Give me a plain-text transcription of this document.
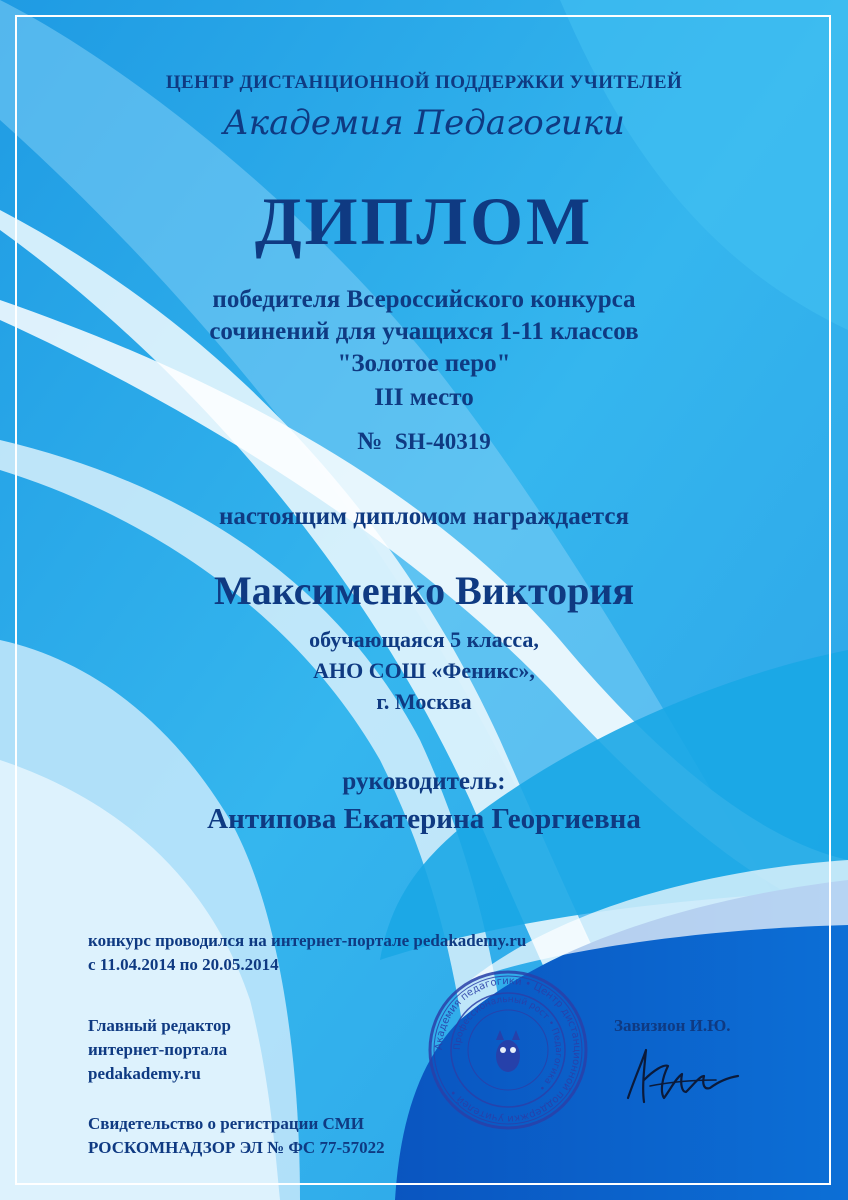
ЦЕНТР ДИСТАНЦИОННОЙ ПОДДЕРЖКИ УЧИТЕЛЕЙ

Академия Педагогики

ДИПЛОМ

победителя Всероссийского конкурса

сочинений для учащихся 1-11 классов

"Золотое перо"

III место

№ SH-40319

настоящим дипломом награждается

Максименко Виктория

обучающаяся 5 класса,

АНО СОШ «Феникс»,

г. Москва

руководитель:

Антипова Екатерина Георгиевна

конкурс проводился на интернет-портале pedakademy.ru
с 11.04.2014 по 20.05.2014
Главный редактор
интернет-портала
pedakademy.ru
Завизион И.Ю.
Свидетельство о регистрации СМИ
РОСКОМНАДЗОР ЭЛ № ФС 77-57022
Академия педагогики • Центр дистанционной поддержки учителей •
Профессиональный рост • Педагогика •
